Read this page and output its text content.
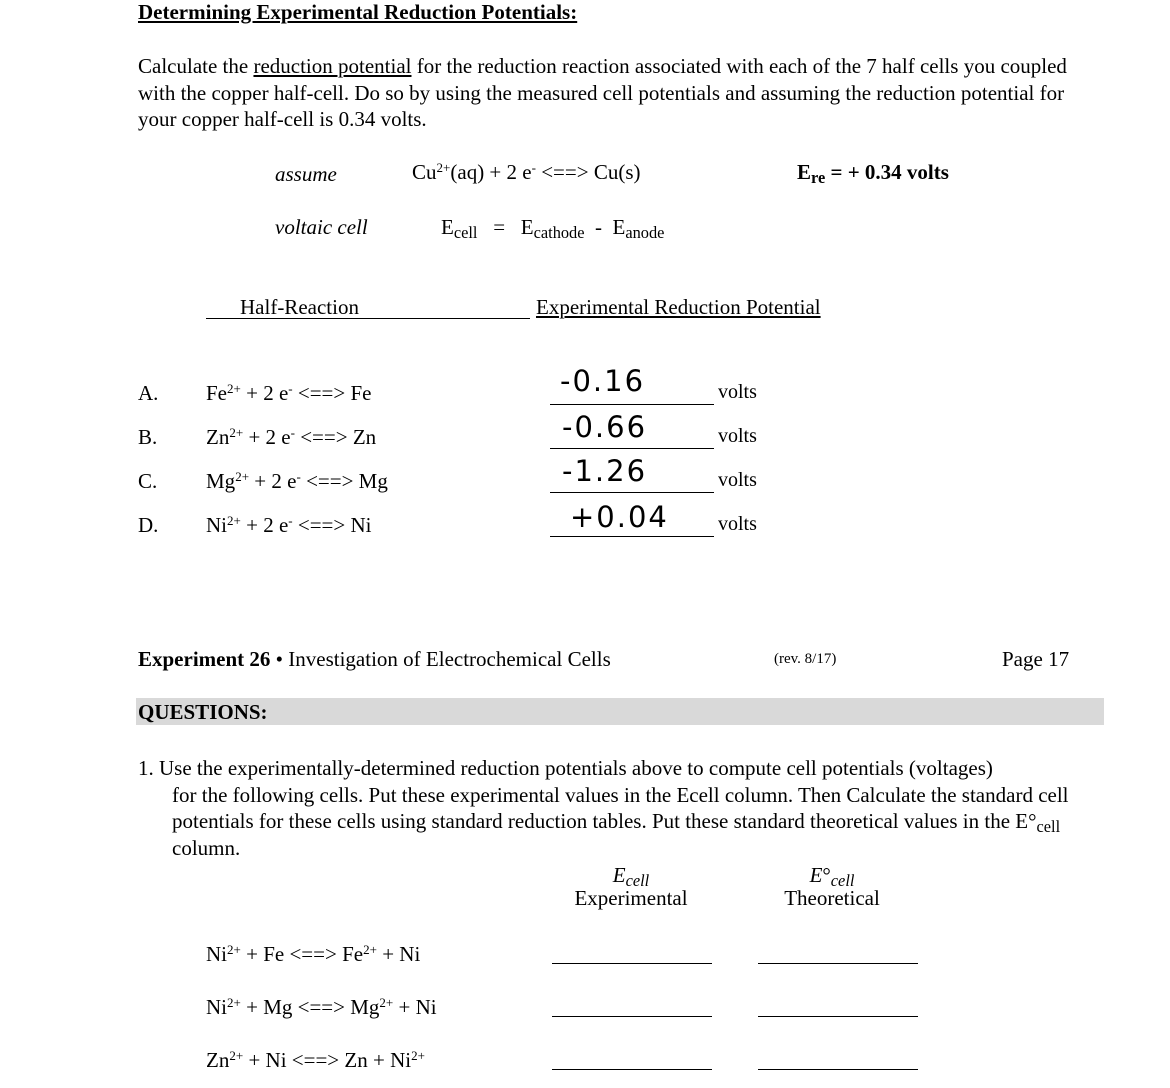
Determining Experimental Reduction Potentials:
Calculate the reduction potential for the reduction reaction associated with each of the 7 half cells you coupled with the copper half-cell. Do so by using the measured cell potentials and assuming the reduction potential for your copper half-cell is 0.34 volts.
assume	$Cu^{2+}(aq) + 2$ e- <==> Cu(s)	$E_{re}$ = + 0.34 volts
voltaic cell	$E_{cell} = E_{cathode} - E_{anode}$
Half-Reaction	Experimental Reduction Potential
A. $Fe^{2+} + 2$ e- <==> Fe	-0.16	volts
B. $Zn^{2+} + 2$ e- <==> Zn	-0.66	volts
C. $Mg^{2+} + 2$ e- <==> Mg	-1.26	volts
D. $Ni^{2+} + 2$ e- <==> Ni	+0.04 volts
Experiment 26 • Investigation of Electrochemical Cells	(rev. 8/17)	Page 17
QUESTIONS:
1. Use the experimentally-determined reduction potentials above to compute cell potentials (voltages)
for the following cells. Put these experimental values in the Ecell column. Then Calculate the standard cell potentials for these cells using standard reduction tables. Put these standard theoretical values in the $E^\circ_{cell}$ column.
$E_{cell}$
Experimental
$E^\circ_{cell}$
Theoretical
$Ni^{2+} + Fe$ <==> $Fe^{2+} + Ni$
$Ni^{2+} + Mg$ <==> $Mg^{2+} + Ni$
$Zn^{2+} + Ni$ <==> $Zn + Ni^{2+}$
